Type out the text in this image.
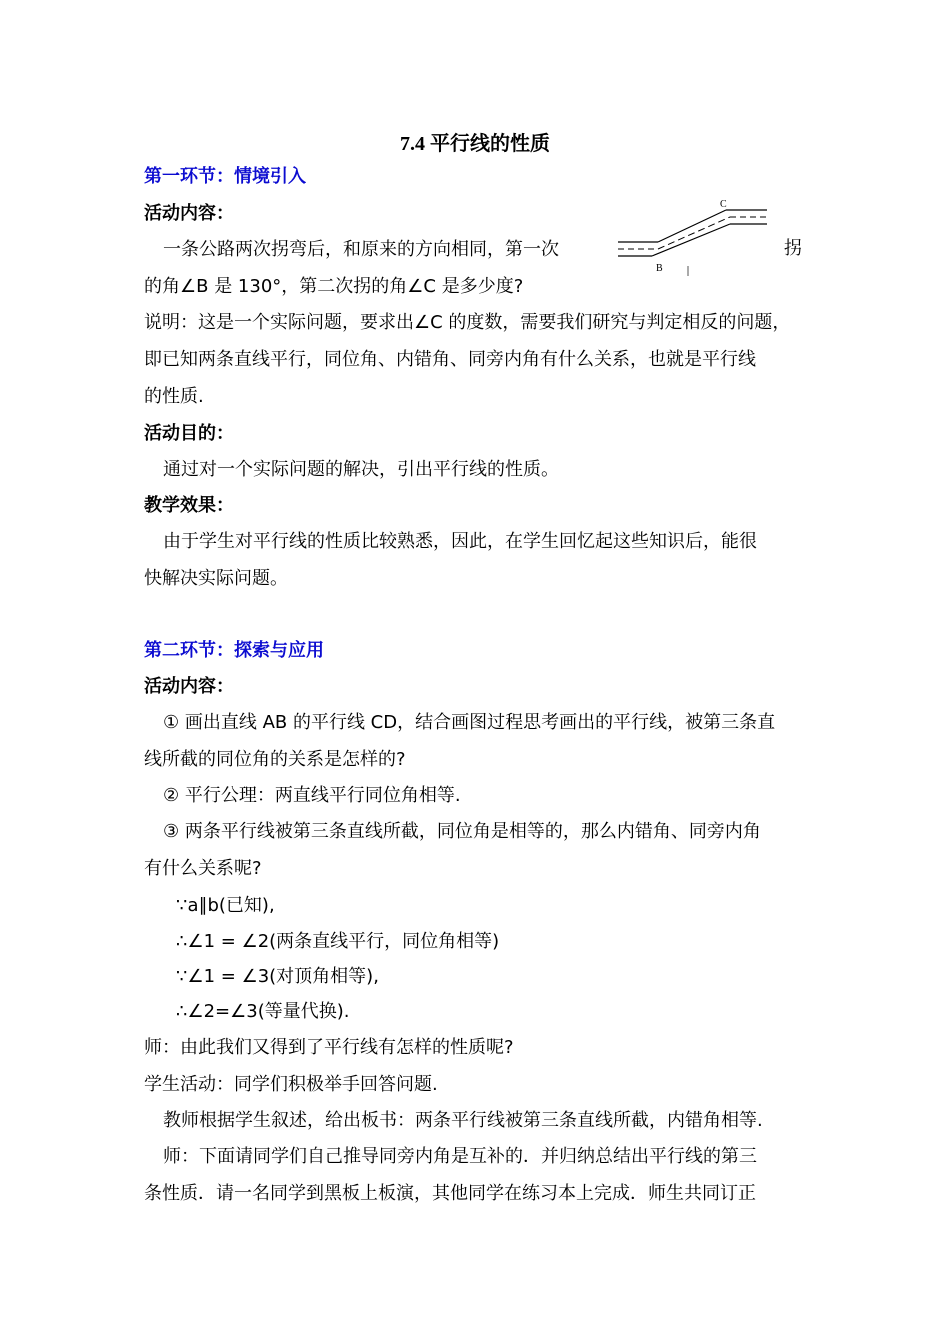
7.4 平行线的性质
第一环节：情境引入
活动内容：
一条公路两次拐弯后，和原来的方向相同，第一次
C
B
拐
的角∠B 是 130°，第二次拐的角∠C 是多少度?
说明：这是一个实际问题，要求出∠C 的度数，需要我们研究与判定相反的问题，
即已知两条直线平行，同位角、内错角、同旁内角有什么关系，也就是平行线
的性质.
活动目的：
通过对一个实际问题的解决，引出平行线的性质。
教学效果：
由于学生对平行线的性质比较熟悉，因此，在学生回忆起这些知识后，能很
快解决实际问题。
第二环节：探索与应用
活动内容：
① 画出直线 AB 的平行线 CD，结合画图过程思考画出的平行线，被第三条直
线所截的同位角的关系是怎样的?
② 平行公理：两直线平行同位角相等.
③ 两条平行线被第三条直线所截，同位角是相等的，那么内错角、同旁内角
有什么关系呢?
∵a∥b(已知),
∴∠1 = ∠2(两条直线平行，同位角相等)
∵∠1 = ∠3(对顶角相等),
∴∠2=∠3(等量代换).
师：由此我们又得到了平行线有怎样的性质呢?
学生活动：同学们积极举手回答问题.
教师根据学生叙述，给出板书：两条平行线被第三条直线所截，内错角相等.
师：下面请同学们自己推导同旁内角是互补的．并归纳总结出平行线的第三
条性质．请一名同学到黑板上板演，其他同学在练习本上完成．师生共同订正
